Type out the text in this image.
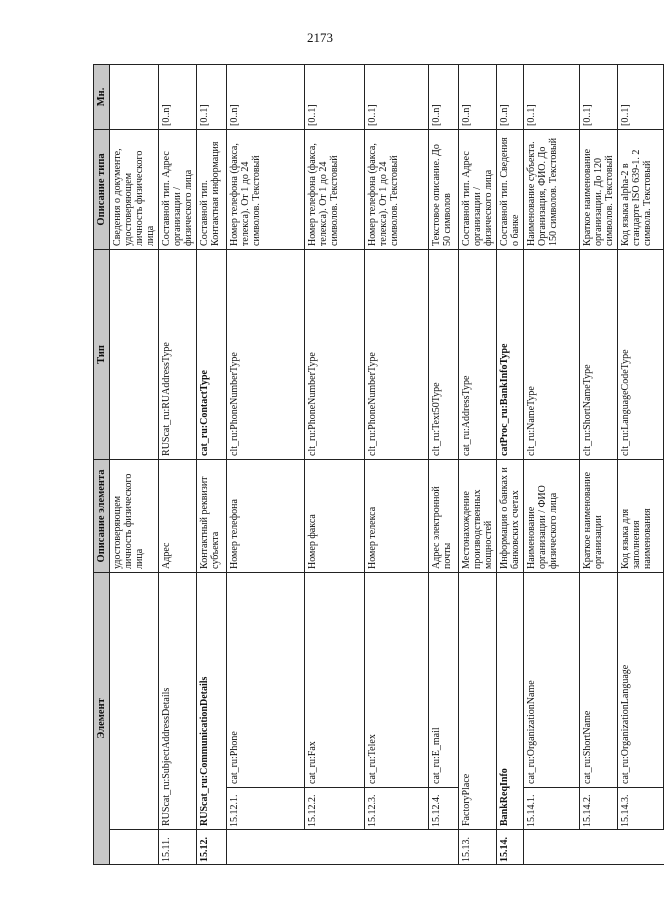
2173
Элемент			Описание элемента	Тип	Описание типа	Мн.
			удостоверяющем личность физического лица		Сведения о документе, удостоверяющем личность физического лица	
15.11.	RUScat_ru:SubjectAddressDetails		Адрес	RUScat_ru:RUAddressType	Составной тип. Адрес организации / физического лица	[0..n]
15.12.	RUScat_ru:CommunicationDetails		Контактный реквизит субъекта	cat_ru:ContactType	Составной тип. Контактная информация	[0..1]
	15.12.1.	cat_ru:Phone	Номер телефона	clt_ru:PhoneNumberType	Номер телефона (факса, телекса). От 1 до 24 символов. Текстовый	[0..n]
	15.12.2.	cat_ru:Fax	Номер факса	clt_ru:PhoneNumberType	Номер телефона (факса, телекса). От 1 до 24 символов. Текстовый	[0..1]
	15.12.3.	cat_ru:Telex	Номер телекса	clt_ru:PhoneNumberType	Номер телефона (факса, телекса). От 1 до 24 символов. Текстовый	[0..1]
	15.12.4.	cat_ru:E_mail	Адрес электронной почты	clt_ru:Text50Type	Текстовое описание. До 50 символов	[0..n]
15.13.	FactoryPlace		Местонахождение производственных мощностей	cat_ru:AddressType	Составной тип. Адрес организации / физического лица	[0..n]
15.14.	BankReqInfo		Информация о банках и банковских счетах	catProc_ru:BankInfoType	Составной тип. Сведения о банке	[0..n]
	15.14.1.	cat_ru:OrganizationName	Наименование организации / ФИО физического лица	clt_ru:NameType	Наименование субъекта. Организация, ФИО. До 150 символов. Текстовый	[0..1]
	15.14.2.	cat_ru:ShortName	Краткое наименование организации	clt_ru:ShortNameType	Краткое наименование организации. До 120 символов. Текстовый	[0..1]
	15.14.3.	cat_ru:OrganizationLanguage	Код языка для заполнения наименования	clt_ru:LanguageCodeType	Код языка alpha-2 в стандарте ISO 639-1. 2 символа. Текстовый	[0..1]
